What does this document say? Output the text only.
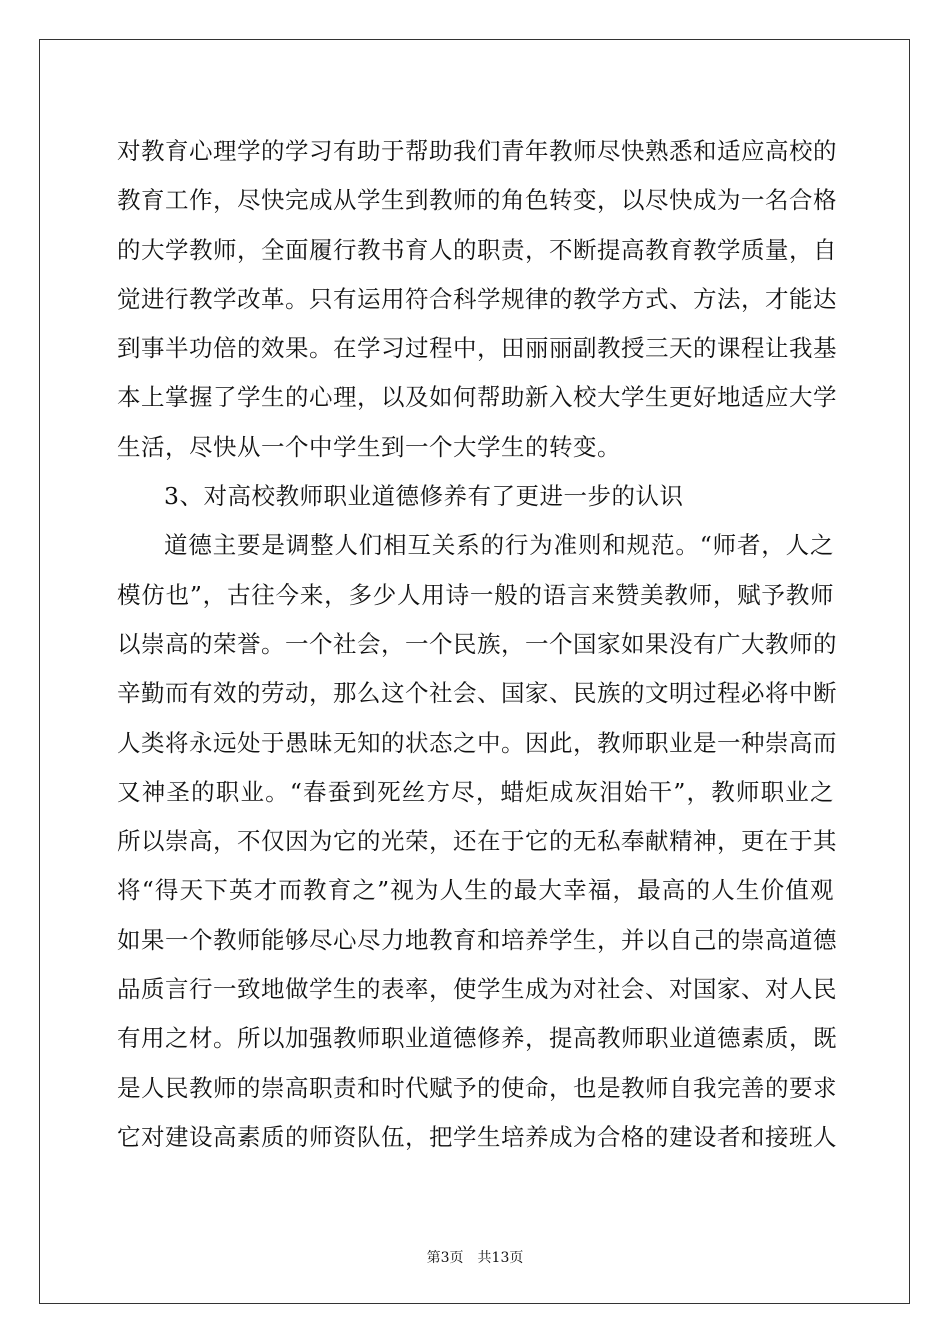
对教育心理学的学习有助于帮助我们青年教师尽快熟悉和适应高校的
教育工作，尽快完成从学生到教师的角色转变，以尽快成为一名合格
的大学教师，全面履行教书育人的职责，不断提高教育教学质量，自
觉进行教学改革。只有运用符合科学规律的教学方式、方法，才能达
到事半功倍的效果。在学习过程中，田丽丽副教授三天的课程让我基
本上掌握了学生的心理，以及如何帮助新入校大学生更好地适应大学
生活，尽快从一个中学生到一个大学生的转变。
3、对高校教师职业道德修养有了更进一步的认识
道德主要是调整人们相互关系的行为准则和规范。“师者，人之
模仿也”，古往今来，多少人用诗一般的语言来赞美教师，赋予教师
以崇高的荣誉。一个社会，一个民族，一个国家如果没有广大教师的
辛勤而有效的劳动，那么这个社会、国家、民族的文明过程必将中断
人类将永远处于愚昧无知的状态之中。因此，教师职业是一种崇高而
又神圣的职业。“春蚕到死丝方尽，蜡炬成灰泪始干”，教师职业之
所以崇高，不仅因为它的光荣，还在于它的无私奉献精神，更在于其
将“得天下英才而教育之”视为人生的最大幸福，最高的人生价值观
如果一个教师能够尽心尽力地教育和培养学生，并以自己的崇高道德
品质言行一致地做学生的表率，使学生成为对社会、对国家、对人民
有用之材。所以加强教师职业道德修养，提高教师职业道德素质，既
是人民教师的崇高职责和时代赋予的使命，也是教师自我完善的要求
它对建设高素质的师资队伍，把学生培养成为合格的建设者和接班人
第3页 共13页
